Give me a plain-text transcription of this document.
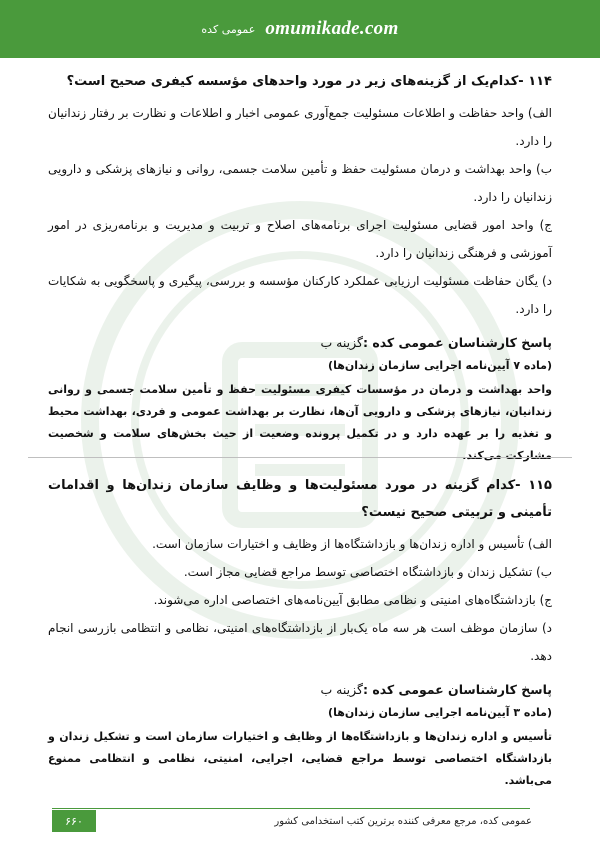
عمومی کده omumikade.com

۱۱۴ -کدام‌یک از گزینه‌های زیر در مورد واحدهای مؤسسه کیفری صحیح است؟

الف) واحد حفاظت و اطلاعات مسئولیت جمع‌آوری عمومی اخبار و اطلاعات و نظارت بر رفتار زندانیان را دارد.

ب) واحد بهداشت و درمان مسئولیت حفظ و تأمین سلامت جسمی، روانی و نیازهای پزشکی و دارویی زندانیان را دارد.

ج) واحد امور قضایی مسئولیت اجرای برنامه‌های اصلاح و تربیت و مدیریت و برنامه‌ریزی در امور آموزشی و فرهنگی زندانیان را دارد.

د) یگان حفاظت مسئولیت ارزیابی عملکرد کارکنان مؤسسه و بررسی، پیگیری و پاسخگویی به شکایات را دارد.

پاسخ کارشناسان عمومی کده :گزینه ب
(ماده ۷ آیین‌نامه اجرایی سازمان زندان‌ها)
واحد بهداشت و درمان در مؤسسات کیفری مسئولیت حفظ و تأمین سلامت جسمی و روانی زندانیان، نیازهای پزشکی و دارویی آن‌ها، نظارت بر بهداشت عمومی و فردی، بهداشت محیط و تغذیه را بر عهده دارد و در تکمیل پرونده وضعیت از حیث بخش‌های سلامت و شخصیت مشارکت می‌کند.

۱۱۵ -کدام گزینه در مورد مسئولیت‌ها و وظایف سازمان زندان‌ها و اقدامات تأمینی و تربیتی صحیح نیست؟

الف) تأسیس و اداره زندان‌ها و بازداشتگاه‌ها از وظایف و اختیارات سازمان است.

ب) تشکیل زندان و بازداشتگاه اختصاصی توسط مراجع قضایی مجاز است.

ج) بازداشتگاه‌های امنیتی و نظامی مطابق آیین‌نامه‌های اختصاصی اداره می‌شوند.

د) سازمان موظف است هر سه ماه یک‌بار از بازداشتگاه‌های امنیتی، نظامی و انتظامی بازرسی انجام دهد.

پاسخ کارشناسان عمومی کده :گزینه ب
(ماده ۳ آیین‌نامه اجرایی سازمان زندان‌ها)
تأسیس و اداره زندان‌ها و بازداشتگاه‌ها از وظایف و اختیارات سازمان است و تشکیل زندان و بازداشتگاه اختصاصی توسط مراجع قضایی، اجرایی، امنیتی، نظامی و انتظامی ممنوع می‌باشد.
۶۶۰	عمومی کده، مرجع معرفی کننده برترین کتب استخدامی کشور
